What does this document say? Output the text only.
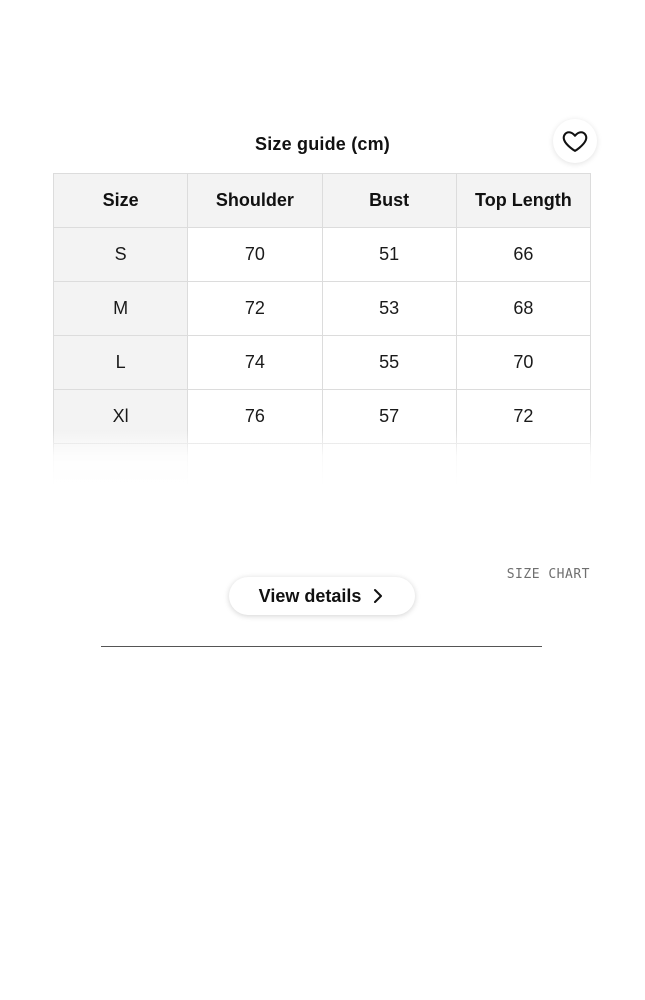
Size guide (cm)
Size	Shoulder	Bust	Top Length
S	70	51	66
M	72	53	68
L	74	55	70
Xl	76	57	72

SIZE CHART
View details
